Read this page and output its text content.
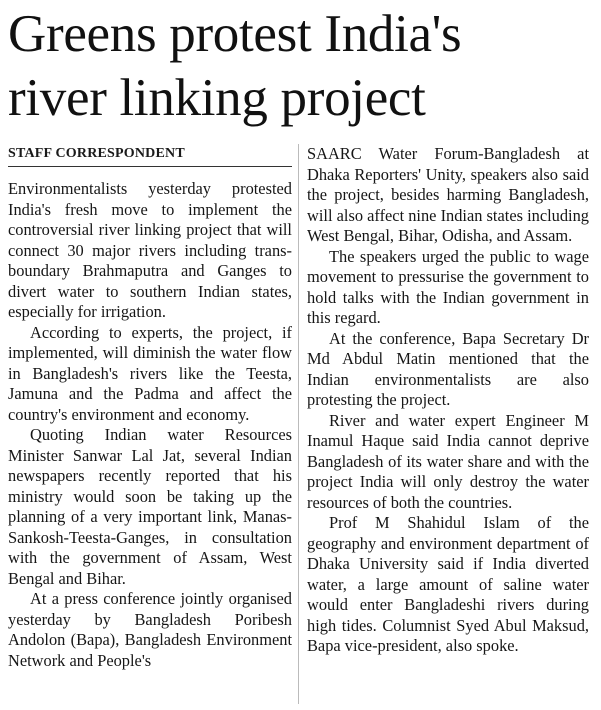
Greens protest India's
river linking project
STAFF CORRESPONDENT

Environmentalists yesterday protested India's fresh move to implement the controversial river linking project that will connect 30 major rivers including trans-boundary Brahmaputra and Ganges to divert water to southern Indian states, especially for irrigation.

According to experts, the project, if implemented, will diminish the water flow in Bangladesh's rivers like the Teesta, Jamuna and the Padma and affect the country's environment and economy.

Quoting Indian water Resources Minister Sanwar Lal Jat, several Indian newspapers recently reported that his ministry would soon be taking up the planning of a very important link, Manas-Sankosh-Teesta-Ganges, in consultation with the government of Assam, West Bengal and Bihar.

At a press conference jointly organised yesterday by Bangladesh Poribesh Andolon (Bapa), Bangladesh Environment Network and People's

SAARC Water Forum-Bangladesh at Dhaka Reporters' Unity, speakers also said the project, besides harming Bangladesh, will also affect nine Indian states including West Bengal, Bihar, Odisha, and Assam.

The speakers urged the public to wage movement to pressurise the government to hold talks with the Indian government in this regard.

At the conference, Bapa Secretary Dr Md Abdul Matin mentioned that the Indian environmentalists are also protesting the project.

River and water expert Engineer M Inamul Haque said India cannot deprive Bangladesh of its water share and with the project India will only destroy the water resources of both the countries.

Prof M Shahidul Islam of the geography and environment department of Dhaka University said if India diverted water, a large amount of saline water would enter Bangladeshi rivers during high tides. Columnist Syed Abul Maksud, Bapa vice-president, also spoke.
